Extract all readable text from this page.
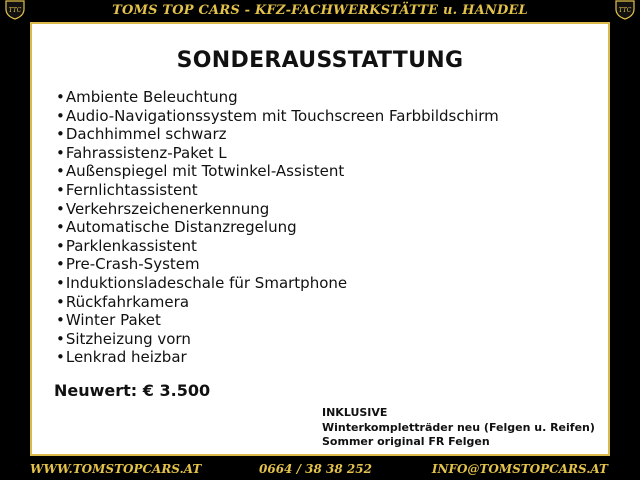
TTC	TOMS TOP CARS - KFZ-FACHWERKSTÄTTE u. HANDEL	TTC
SONDERAUSSTATTUNG
• Ambiente Beleuchtung
• Audio-Navigationssystem mit Touchscreen Farbbildschirm
• Dachhimmel schwarz
• Fahrassistenz-Paket L
• Außenspiegel mit Totwinkel-Assistent
• Fernlichtassistent
• Verkehrszeichenerkennung
• Automatische Distanzregelung
• Parklenkassistent
• Pre-Crash-System
• Induktionsladeschale für Smartphone
• Rückfahrkamera
• Winter Paket
• Sitzheizung vorn
• Lenkrad heizbar
Neuwert: € 3.500
INKLUSIVE
Winterkompletträder neu (Felgen u. Reifen)
Sommer original FR Felgen
WWW.TOMSTOPCARS.AT	0664 / 38 38 252	INFO@TOMSTOPCARS.AT
